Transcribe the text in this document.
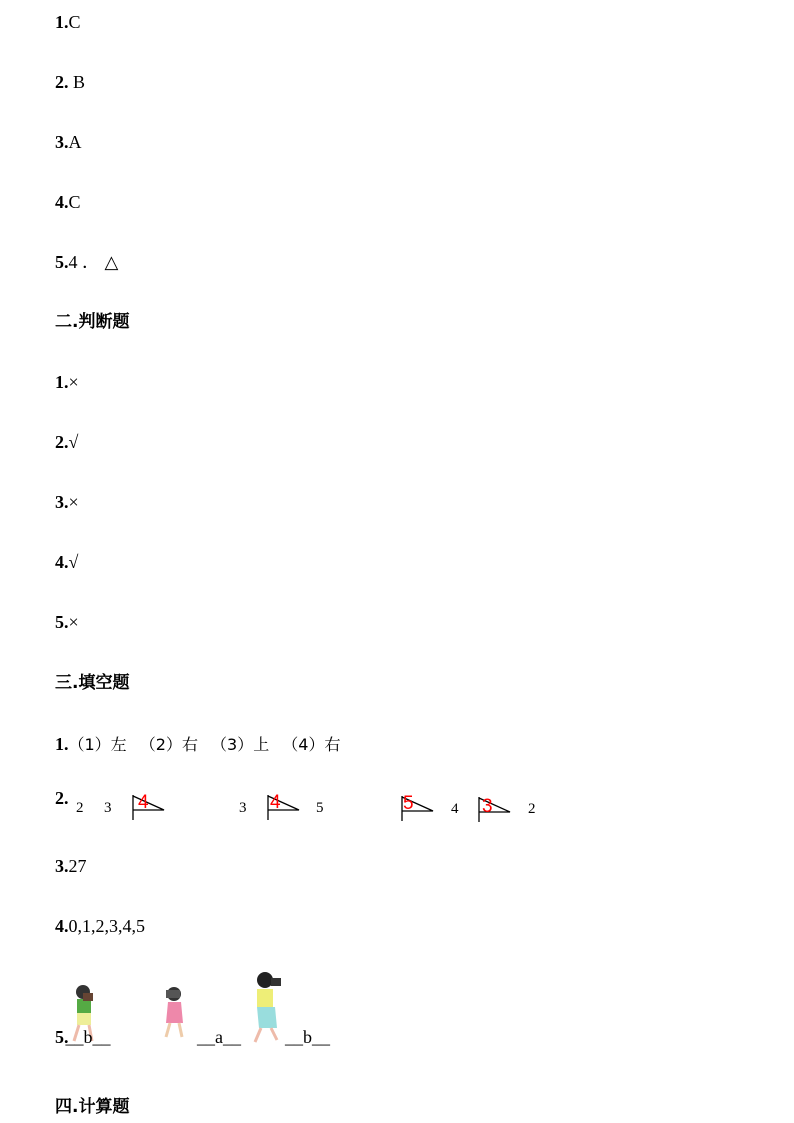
1.C
2. B
3.A
4.C
5.4 ． △
二.判断题
1.×
2.√
3.×
4.√
5.×
三.填空题
1.（1）左 （2）右 （3）上 （4）右
2. 2 3	3	5	4	2
4	4	5	3
3.27
4.0,1,2,3,4,5
5.__b__	__a__ __b__
四.计算题
